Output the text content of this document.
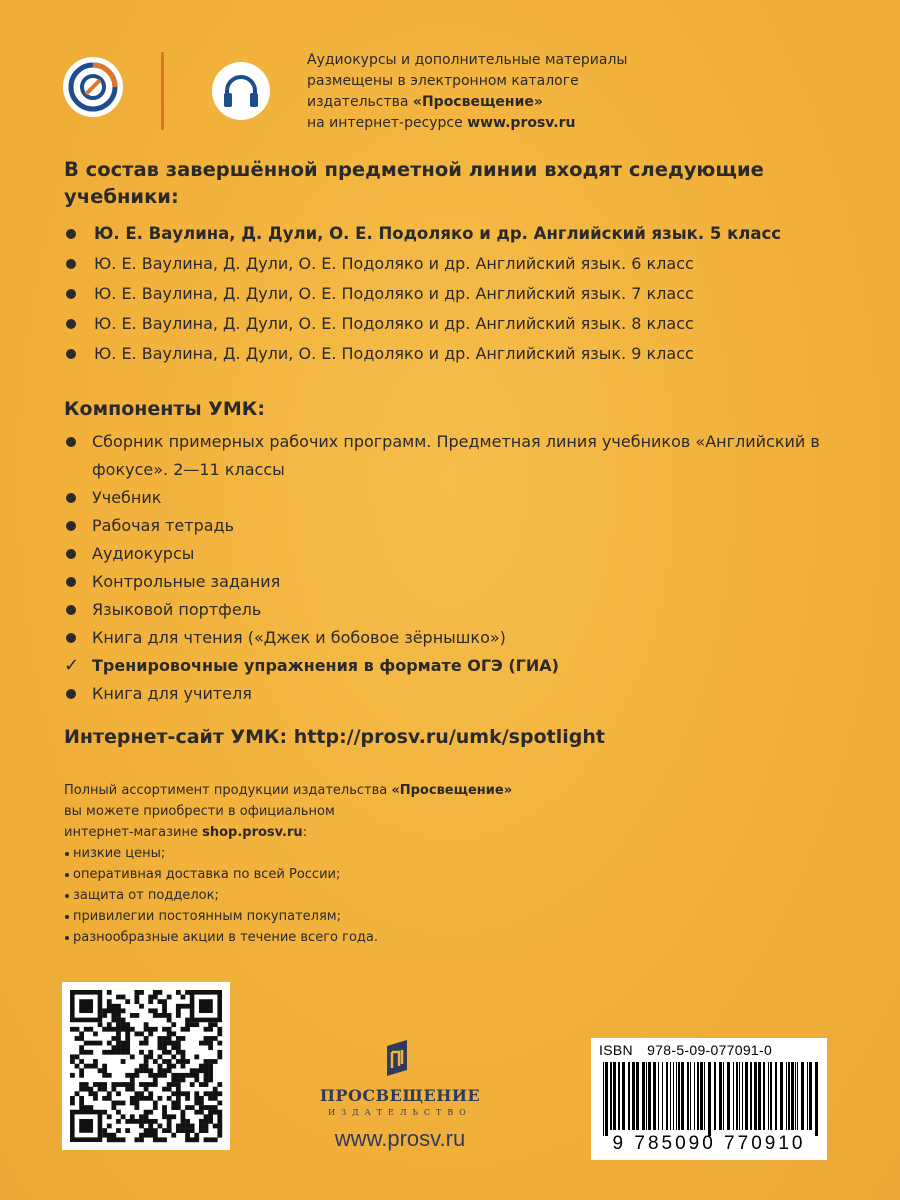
Аудиокурсы и дополнительные материалы
размещены в электронном каталоге
издательства «Просвещение»
на интернет-ресурсе www.prosv.ru
В состав завершённой предметной линии входят следующие учебники:
Ю. Е. Ваулина, Д. Дули, О. Е. Подоляко и др. Английский язык. 5 класс
Ю. Е. Ваулина, Д. Дули, О. Е. Подоляко и др. Английский язык. 6 класс
Ю. Е. Ваулина, Д. Дули, О. Е. Подоляко и др. Английский язык. 7 класс
Ю. Е. Ваулина, Д. Дули, О. Е. Подоляко и др. Английский язык. 8 класс
Ю. Е. Ваулина, Д. Дули, О. Е. Подоляко и др. Английский язык. 9 класс
Компоненты УМК:
Сборник примерных рабочих программ. Предметная линия учебников «Английский в фокусе». 2—11 классы
Учебник
Рабочая тетрадь
Аудиокурсы
Контрольные задания
Языковой портфель
Книга для чтения («Джек и бобовое зёрнышко»)
✓ Тренировочные упражнения в формате ОГЭ (ГИА)
Книга для учителя
Интернет-сайт УМК: http://prosv.ru/umk/spotlight
Полный ассортимент продукции издательства «Просвещение»
вы можете приобрести в официальном
интернет-магазине shop.prosv.ru:
низкие цены;
оперативная доставка по всей России;
защита от подделок;
привилегии постоянным покупателям;
разнообразные акции в течение всего года.
ПРОСВЕЩЕНИЕ
ИЗДАТЕЛЬСТВО
www.prosv.ru
ISBN 978-5-09-077091-0
9 785090 770910
